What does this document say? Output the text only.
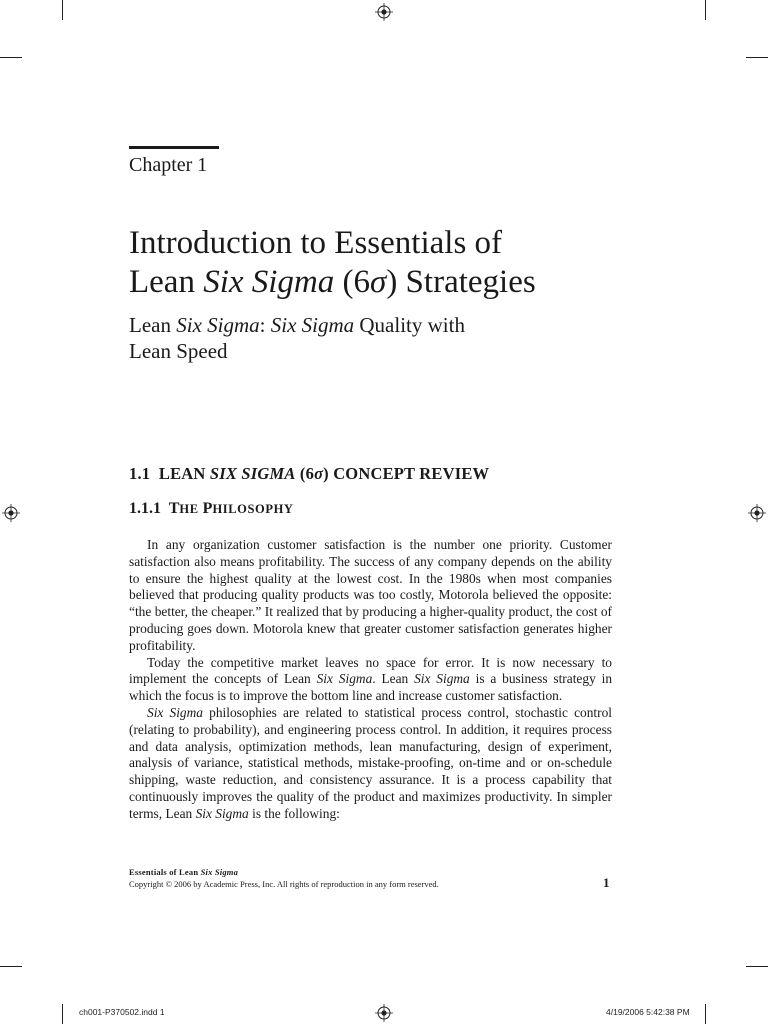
Chapter 1
Introduction to Essentials of
Lean Six Sigma (6σ) Strategies
Lean Six Sigma: Six Sigma Quality with
Lean Speed
1.1 LEAN SIX SIGMA (6σ) CONCEPT REVIEW
1.1.1 THE PHILOSOPHY

In any organization customer satisfaction is the number one priority. Customer satisfaction also means profitability. The success of any company depends on the ability to ensure the highest quality at the lowest cost. In the 1980s when most companies believed that producing quality products was too costly, Motorola believed the opposite: “the better, the cheaper.” It realized that by producing a higher-quality product, the cost of producing goes down. Motorola knew that greater customer satisfaction generates higher profitability.

Today the competitive market leaves no space for error. It is now necessary to implement the concepts of Lean Six Sigma. Lean Six Sigma is a business strategy in which the focus is to improve the bottom line and increase customer satisfaction.

Six Sigma philosophies are related to statistical process control, stochastic control (relating to probability), and engineering process control. In addition, it requires process and data analysis, optimization methods, lean manufacturing, design of experiment, analysis of variance, statistical methods, mistake-proofing, on-time and or on-schedule shipping, waste reduction, and consistency assurance. It is a process capability that continuously improves the quality of the product and maximizes productivity. In simpler terms, Lean Six Sigma is the following:

Essentials of Lean Six Sigma
Copyright © 2006 by Academic Press, Inc. All rights of reproduction in any form reserved.	1
ch001-P370502.indd 1	4/19/2006 5:42:38 PM
